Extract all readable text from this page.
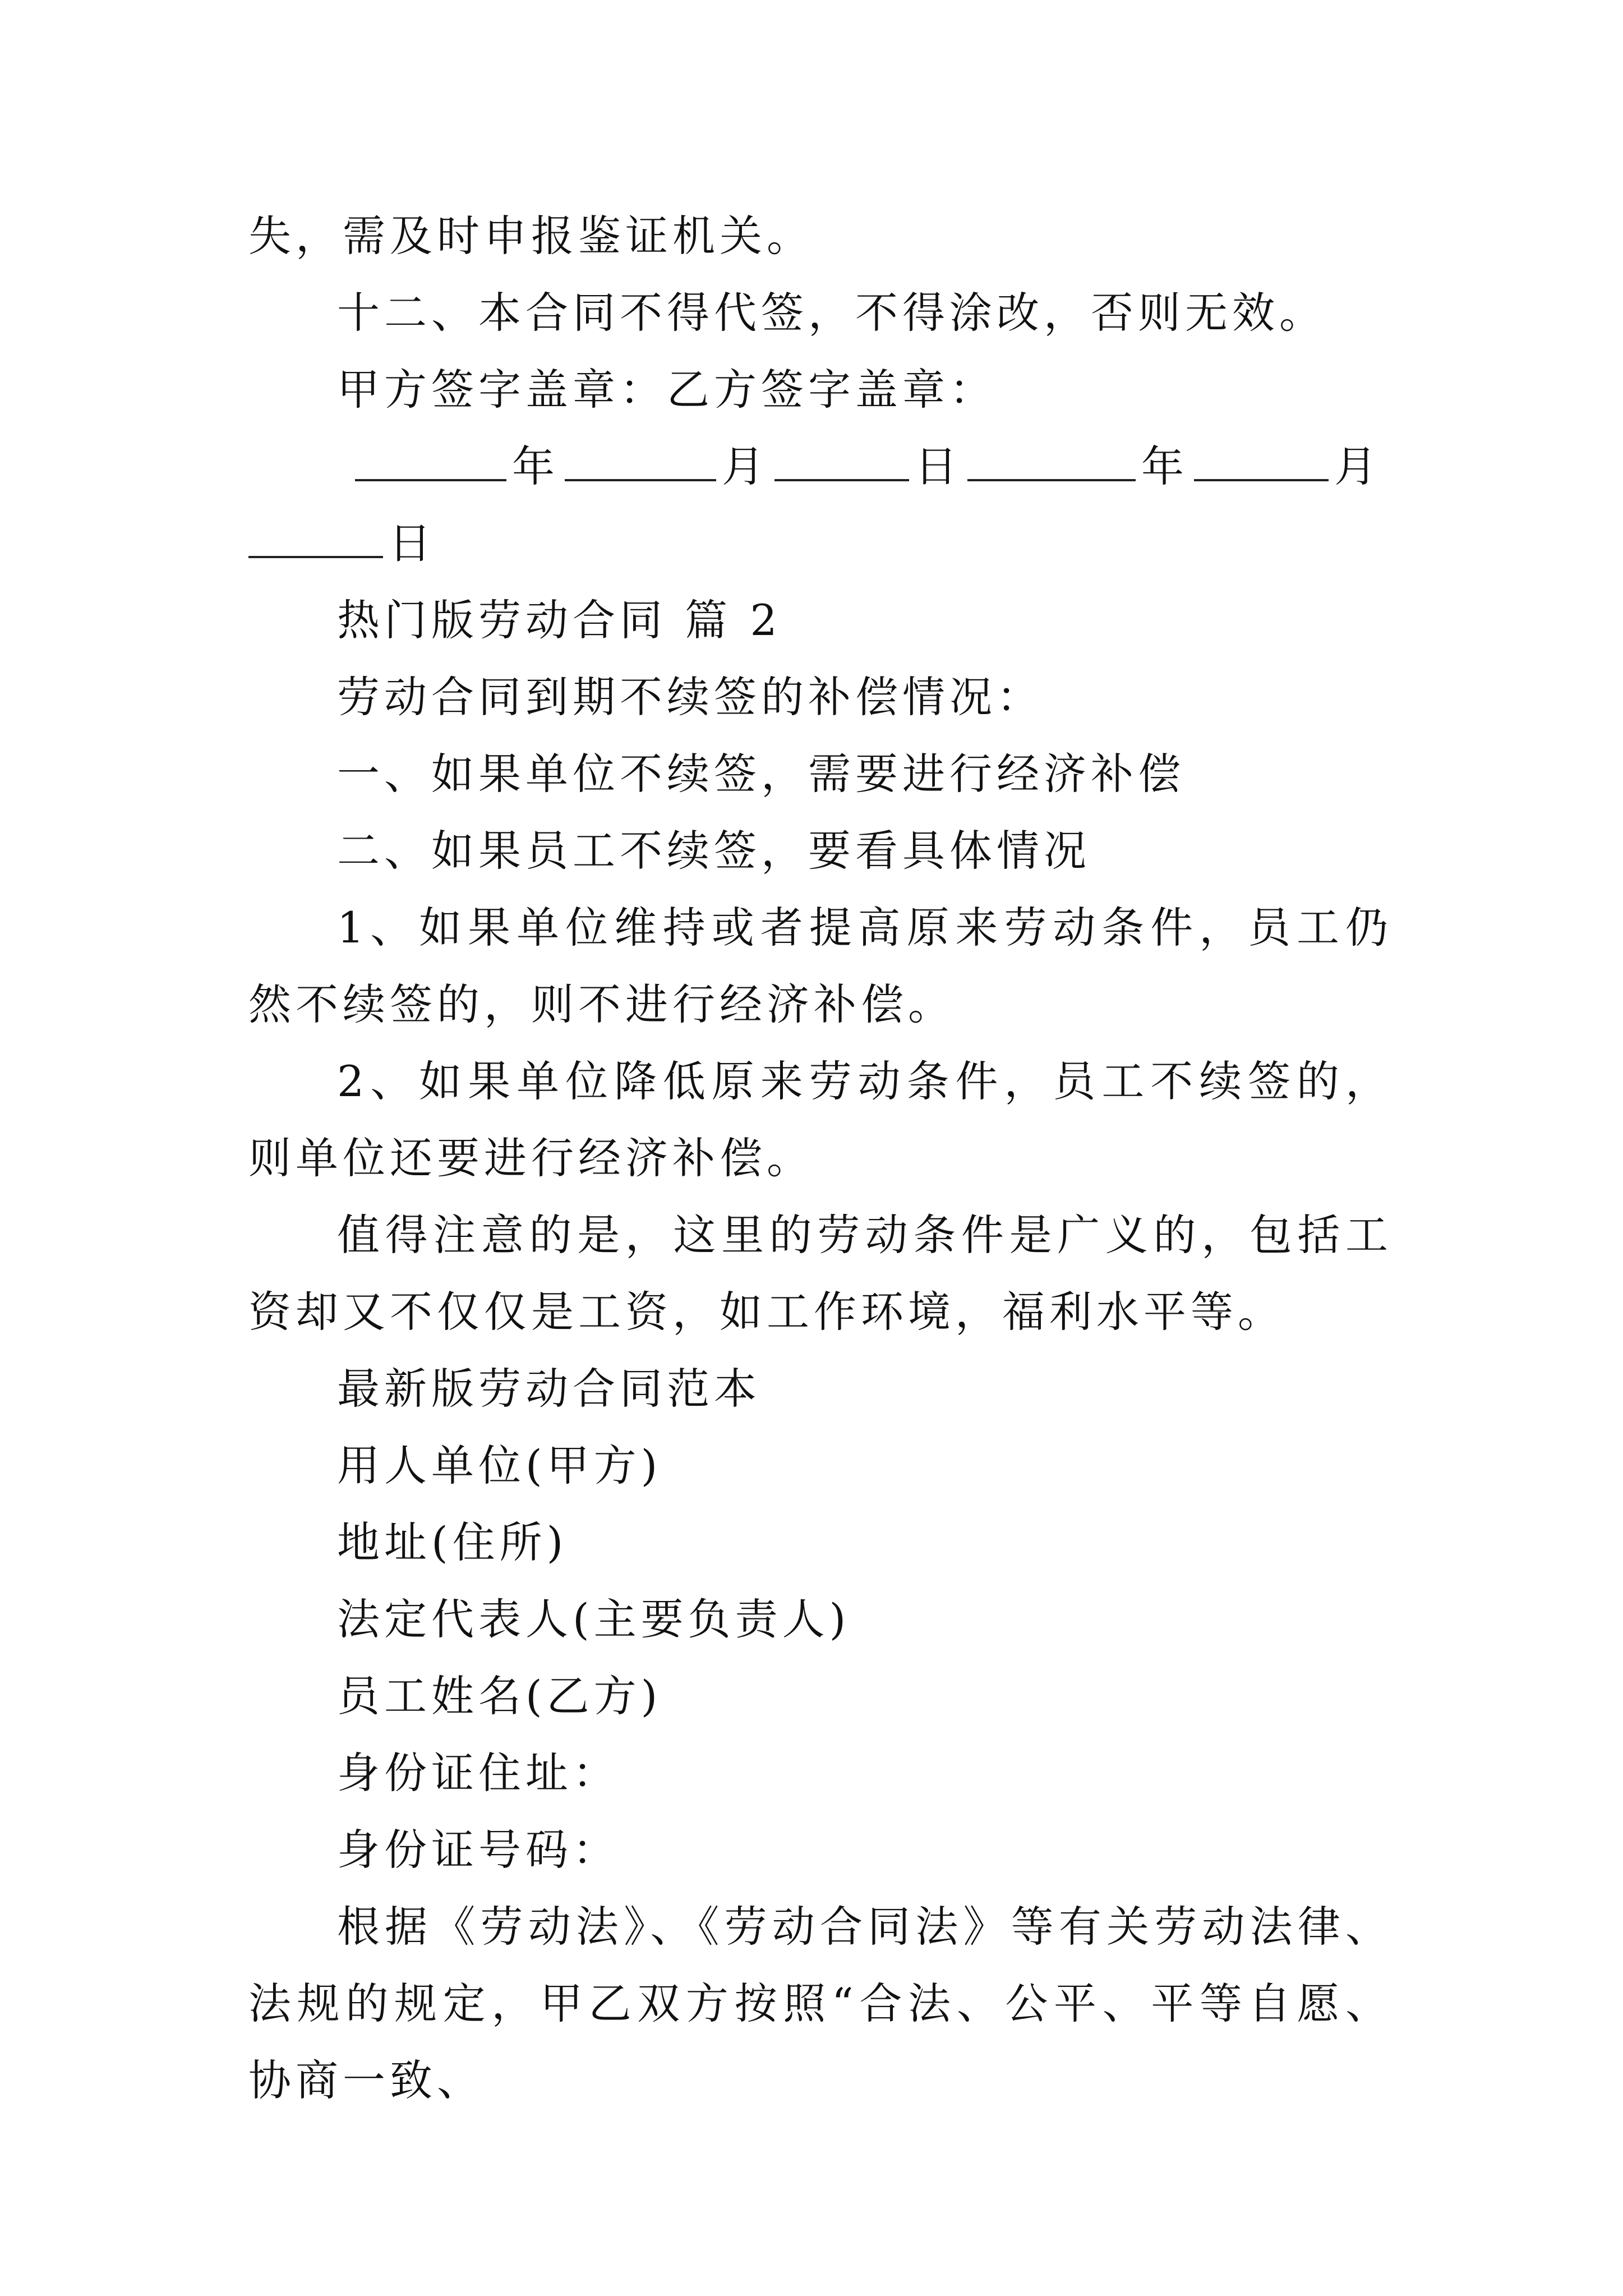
失，需及时申报鉴证机关。

十二、本合同不得代签，不得涂改，否则无效。

甲方签字盖章：乙方签字盖章：

年	月	日	年	月
日

热门版劳动合同 篇 2

劳动合同到期不续签的补偿情况：

一、如果单位不续签，需要进行经济补偿

二、如果员工不续签，要看具体情况

1、如果单位维持或者提高原来劳动条件，员工仍然不续签的，则不进行经济补偿。

2、如果单位降低原来劳动条件，员工不续签的，则单位还要进行经济补偿。

值得注意的是，这里的劳动条件是广义的，包括工资却又不仅仅是工资，如工作环境，福利水平等。

最新版劳动合同范本

用人单位(甲方)

地址(住所)

法定代表人(主要负责人)

员工姓名(乙方)

身份证住址：

身份证号码：

根据《劳动法》、《劳动合同法》等有关劳动法律、法规的规定，甲乙双方按照“合法、公平、平等自愿、协商一致、
